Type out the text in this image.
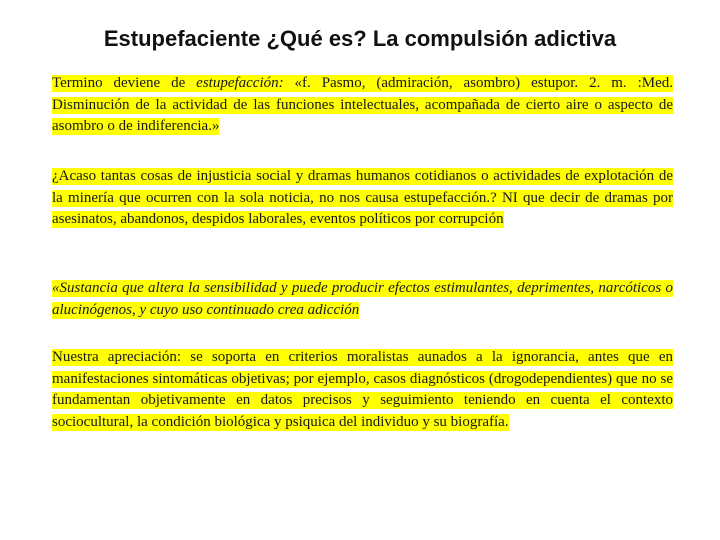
Estupefaciente ¿Qué es? La compulsión adictiva

Termino deviene de estupefacción: «f. Pasmo, (admiración, asombro) estupor. 2. m. :Med. Disminución de la actividad de las funciones intelectuales, acompañada de cierto aire o aspecto de asombro o de indiferencia.»

¿Acaso tantas cosas de injusticia social y dramas humanos cotidianos o actividades de explotación de la minería que ocurren con la sola noticia, no nos causa estupefacción.? NI que decir de dramas por asesinatos, abandonos, despidos laborales, eventos políticos por corrupción

«Sustancia que altera la sensibilidad y puede producir efectos estimulantes, deprimentes, narcóticos o alucinógenos, y cuyo uso continuado crea adicción

Nuestra apreciación: se soporta en criterios moralistas aunados a la ignorancia, antes que en manifestaciones sintomáticas objetivas; por ejemplo, casos diagnósticos (drogodependientes) que no se fundamentan objetivamente en datos precisos y seguimiento teniendo en cuenta el contexto sociocultural, la condición biológica y psiquica del individuo y su biografía.
